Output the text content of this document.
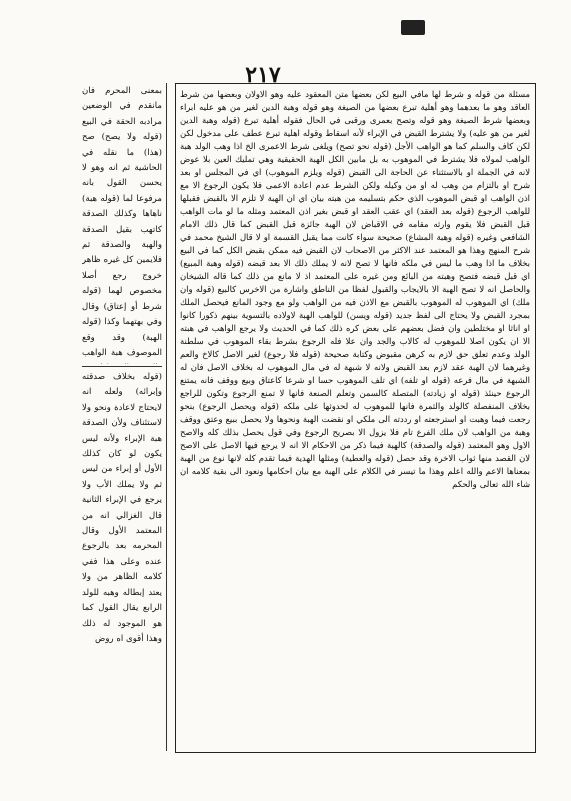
٢١٧
مسئلة من قوله و شرط لها مافي البيع لكن بعضها متن المعقود عليه وهو الاولان وبعضها من شرط العاقد وهو ما بعدهما وهو أهلية تبرع بعضها من الصيغة وهو قوله وهبة الدين لغير من هو عليه ابراء وبعضها شرط الصيغة وهو قوله وتصح بعمرى ورقبى في الحال فقوله أهلية تبرع (قوله وهبة الدين لغير من هو عليه) ولا يشترط القبض في الإبراء لأنه اسقاط وقوله اهلية تبرع عطف على مدخول لكن لكن كاف والسلم كما هو الواهب الأجل (قوله نحو تصح) ويلغى شرط الاعمرى الخ اذا وهب الولد هبة الواهب لمولاه فلا يشترط في الموهوب به بل مابين الكل الهبة الحقيقية وهي تمليك العين بلا عوض لانه في الجملة او بالاستثناء عن الحاجة الى القبض (قوله ويلزم الموهوب) اي في المجلس او بعد شرح او بالتزام من وهب له او من وكيله ولكن الشرط عدم اعادة الاعمى فلا يكون الرجوع الا مع اذن الواهب او قبض الموهوب الذي حكم بتسليمه من هبته بيان اي ان الهبة لا تلزم الا بالقبض فقبلها للواهب الرجوع (قوله بعد العقد) اي عقب العقد او قبض بغير اذن المعتمد ومثله ما لو مات الواهب قبل القبض فلا يقوم وارثه مقامه في الاقباض لان الهبة جائزة قبل القبض كما قال ذلك الامام الشافعي وغيره (قوله وهبة المشاع) صحيحة سواء كانت مما يقبل القسمة او لا قال الشيخ محمد في شرح المنهج وهذا هو المعتمد عند الاكثر من الاصحاب لان القبض فيه ممكن بقبض الكل كما في البيع بخلاف ما اذا وهب ما ليس في ملكه فانها لا تصح لانه لا يملك ذلك الا بعد قبضه (قوله وهبة المبيع) اي قبل قبضه فتصح وهبته من البائع ومن غيره على المعتمد اذ لا مانع من ذلك كما قاله الشيخان والحاصل انه لا تصح الهبة الا بالايجاب والقبول لفظا من الناطق واشارة من الاخرس كالبيع (قوله وان ملك) اي الموهوب له الموهوب بالقبض مع الاذن فيه من الواهب ولو مع وجود المانع فيحصل الملك بمجرد القبض ولا يحتاج الى لفظ جديد (قوله ويسن) للواهب الهبة لاولاده بالتسوية بينهم ذكورا كانوا او اناثا او مختلطين وان فضل بعضهم على بعض كره ذلك كما في الحديث ولا يرجع الواهب في هبته الا ان يكون اصلا للموهوب له كالاب والجد وان علا فله الرجوع بشرط بقاء الموهوب في سلطنة الولد وعدم تعلق حق لازم به كرهن مقبوض وكتابة صحيحة (قوله فلا رجوع) لغير الاصل كالاخ والعم وغيرهما لان الهبة عقد لازم بعد القبض ولانه لا شبهة له في مال الموهوب له بخلاف الاصل فان له الشبهة في مال فرعه (قوله او تلفه) اي تلف الموهوب حسا او شرعا كاعتاق وبيع ووقف فانه يمتنع الرجوع حينئذ (قوله او زيادته) المتصلة كالسمن وتعلم الصنعة فانها لا تمنع الرجوع وتكون للراجع بخلاف المنفصلة كالولد والثمرة فانها للموهوب له لحدوثها على ملكه (قوله ويحصل الرجوع) بنحو رجعت فيما وهبت او استرجعته او رددته الى ملكي او نقضت الهبة ونحوها ولا يحصل ببيع وعتق ووقف وهبة من الواهب لان ملك الفرع تام فلا يزول الا بصريح الرجوع وفي قول يحصل بذلك كله والاصح الاول وهو المعتمد (قوله والصدقة) كالهبة فيما ذكر من الاحكام الا انه لا يرجع فيها الاصل على الاصح لان القصد منها ثواب الاخرة وقد حصل (قوله والعطية) ومثلها الهدية فيما تقدم كله لانها نوع من الهبة بمعناها الاعم والله اعلم وهذا ما تيسر في الكلام على الهبة مع بيان احكامها ونعود الى بقية كلامه ان شاء الله تعالى والحكم
بمعنى المحرم فان مانقدم في الوضعين مرادبه الحقة في البيع (قوله ولا يصح) صح (هذا) ما نقله في الحاشية ثم انه وهو لا يحسن القول بانه مرفوعا لما (قوله هبة) ناهاها وكذلك الصدقة كاتهب بقيل الصدقة والهبة والصدقة ثم فلايمين كل غيره ظاهر خروج رجع أصلا مخصوص لهما (قوله شرط أو إعتاق) وقال وفي بهتهما وكذا (قوله الهبة) وقد وقع الموصوف هبة الواهب
(قوله بخلاف صدقته وإبرائه) ولعله انه لايحتاج لاعادة ونحو ولا لاستئناف ولأن الصدقة هبة الإبراء ولأنه ليس يكون لو كان كذلك الأول أو إبراء من ليس ثم ولا يملك الأب ولا يرجع في الإبراء الثانية قال الغزالي انه من المعتمد الأول وقال المحرمه بعد بالرجوع عنده وعلى هذا ففي كلامه الظاهر من ولا يعتد إبطاله وهبه للولد الرابع يقال القول كما هو الموجود له ذلك وهذا أقوى اه روض
